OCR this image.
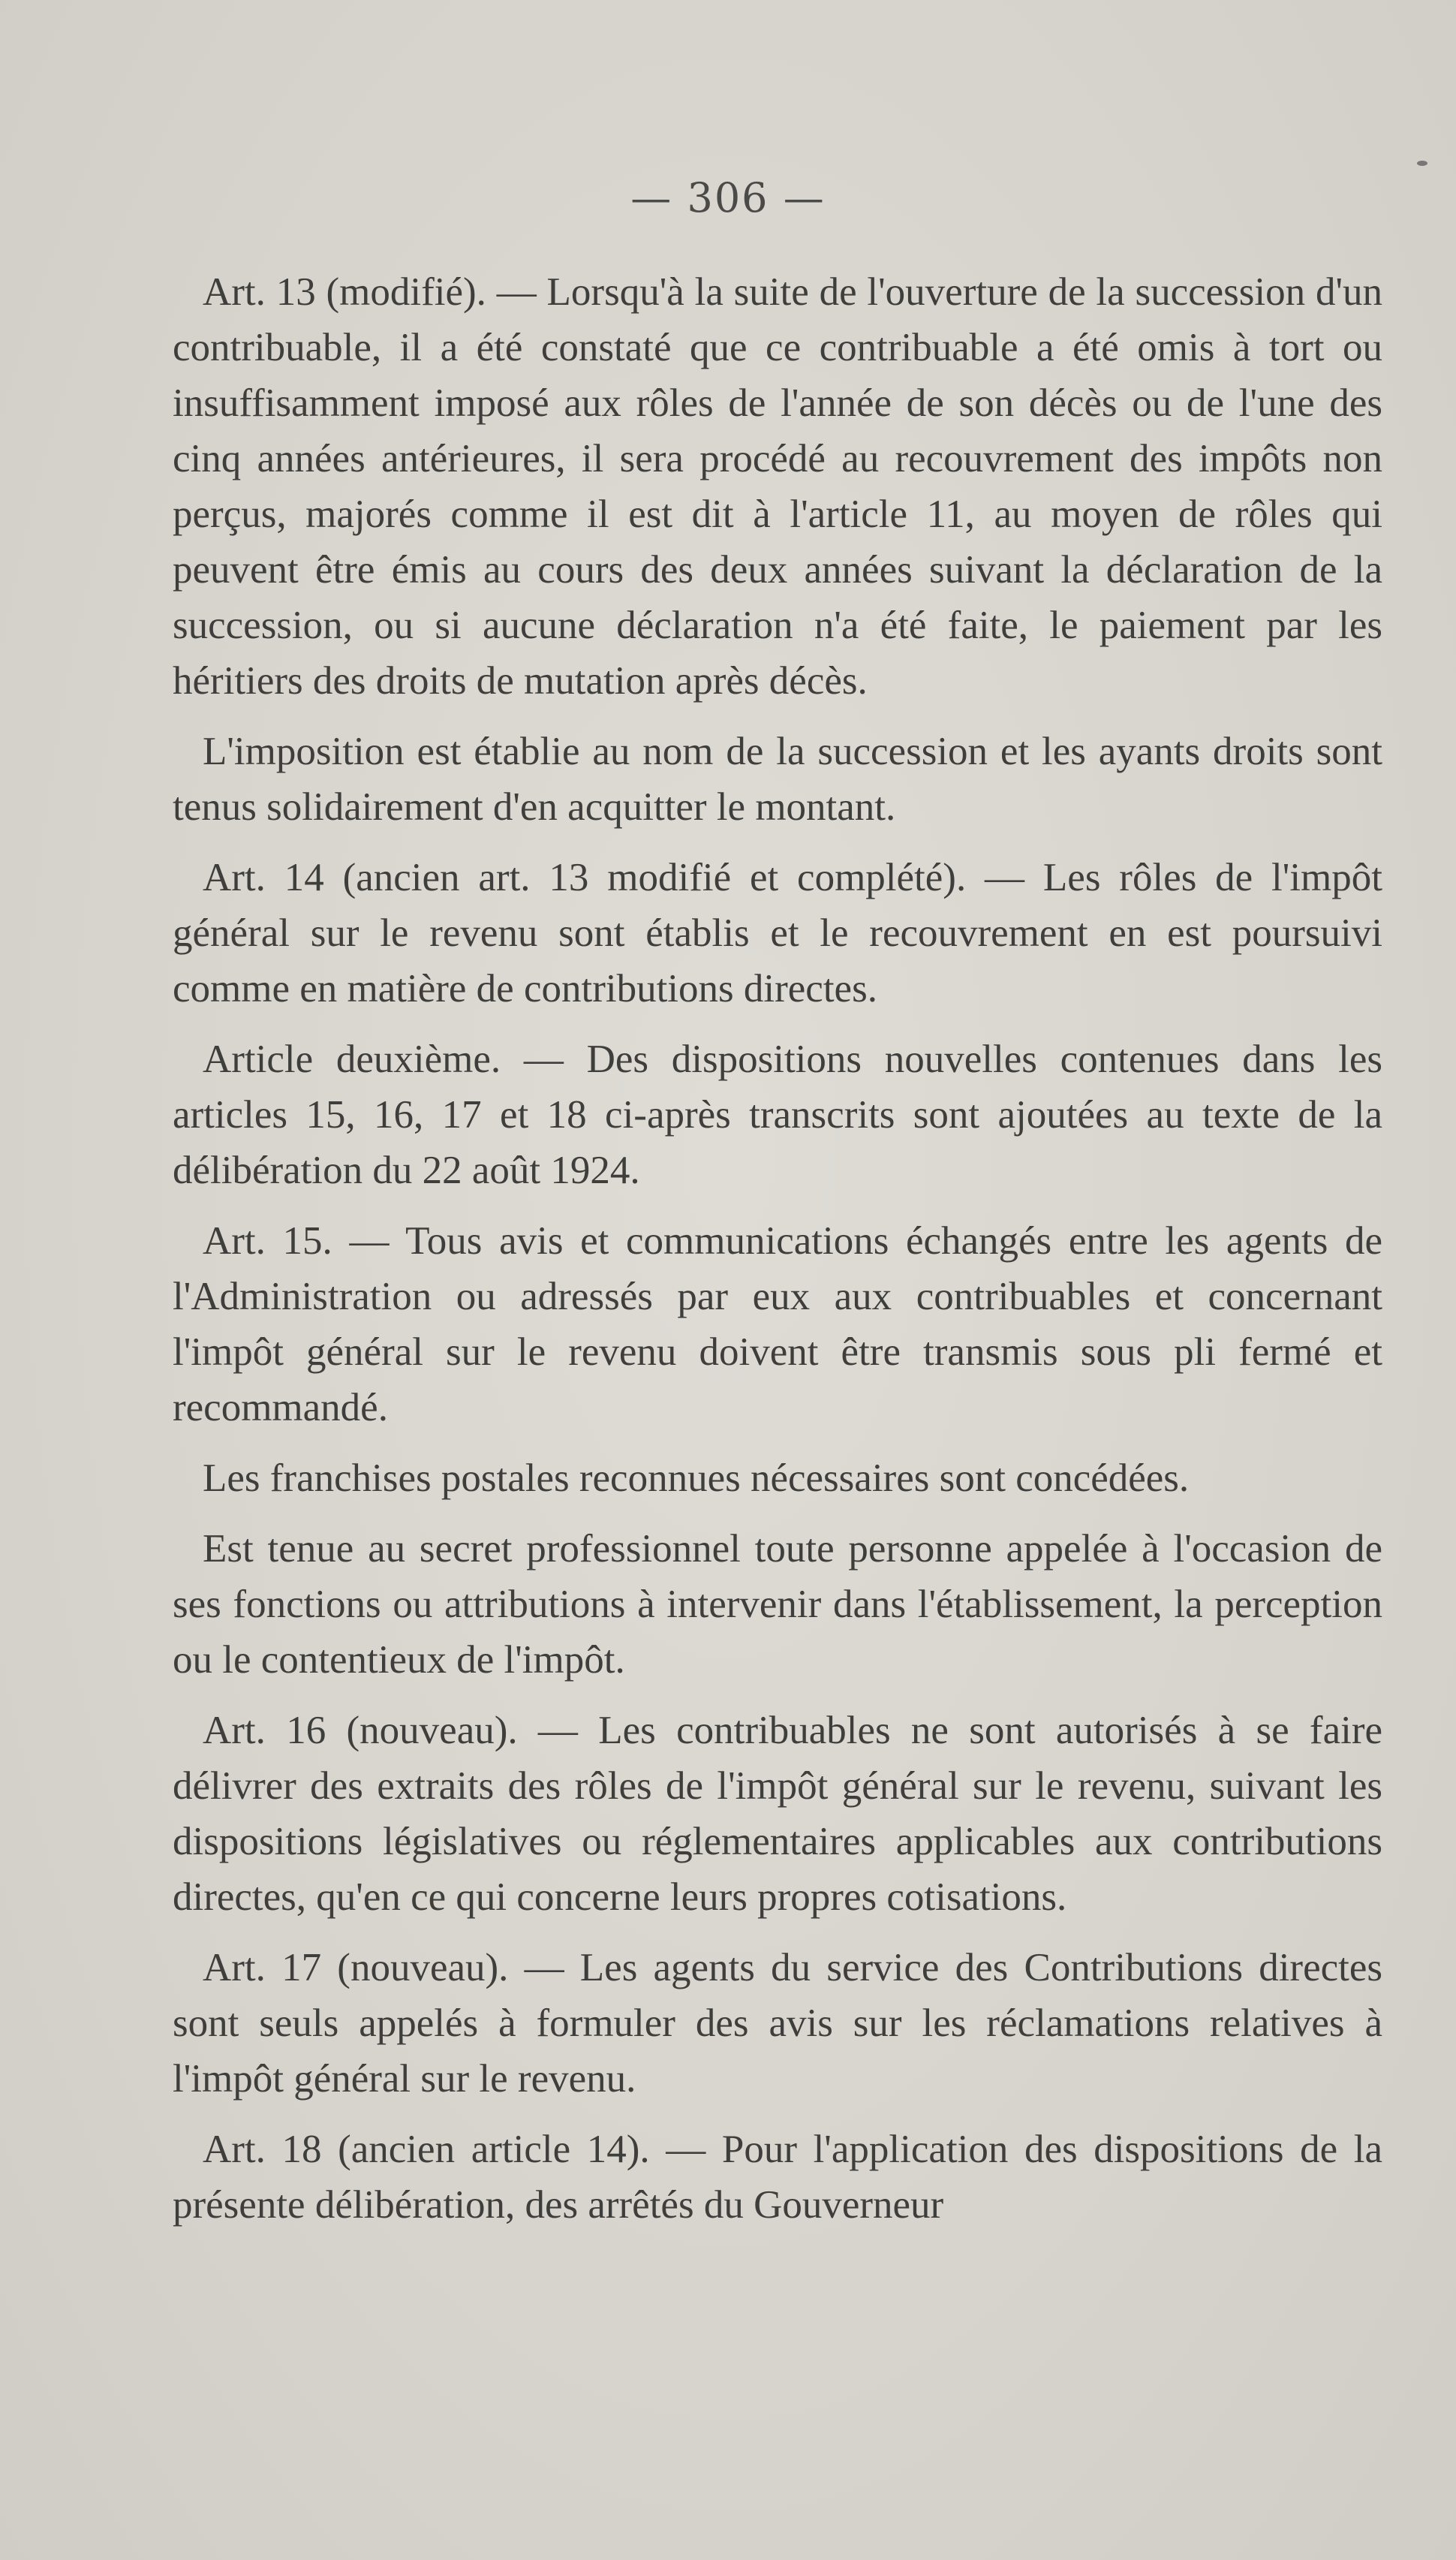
— 306 —

Art. 13 (modifié). — Lorsqu'à la suite de l'ouverture de la succession d'un contribuable, il a été constaté que ce contribuable a été omis à tort ou insuffisamment imposé aux rôles de l'année de son décès ou de l'une des cinq années antérieures, il sera procédé au recouvrement des impôts non perçus, majorés comme il est dit à l'article 11, au moyen de rôles qui peuvent être émis au cours des deux années suivant la déclaration de la succession, ou si aucune déclaration n'a été faite, le paiement par les héritiers des droits de mutation après décès.

L'imposition est établie au nom de la succession et les ayants droits sont tenus solidairement d'en acquitter le montant.

Art. 14 (ancien art. 13 modifié et complété). — Les rôles de l'impôt général sur le revenu sont établis et le recouvrement en est poursuivi comme en matière de contributions directes.

Article deuxième. — Des dispositions nouvelles contenues dans les articles 15, 16, 17 et 18 ci-après transcrits sont ajoutées au texte de la délibération du 22 août 1924.

Art. 15. — Tous avis et communications échangés entre les agents de l'Administration ou adressés par eux aux contribuables et concernant l'impôt général sur le revenu doivent être transmis sous pli fermé et recommandé.

Les franchises postales reconnues nécessaires sont concédées.

Est tenue au secret professionnel toute personne appelée à l'occasion de ses fonctions ou attributions à intervenir dans l'établissement, la perception ou le contentieux de l'impôt.

Art. 16 (nouveau). — Les contribuables ne sont autorisés à se faire délivrer des extraits des rôles de l'impôt général sur le revenu, suivant les dispositions législatives ou réglementaires applicables aux contributions directes, qu'en ce qui concerne leurs propres cotisations.

Art. 17 (nouveau). — Les agents du service des Contributions directes sont seuls appelés à formuler des avis sur les réclamations relatives à l'impôt général sur le revenu.

Art. 18 (ancien article 14). — Pour l'application des dispositions de la présente délibération, des arrêtés du Gouverneur
